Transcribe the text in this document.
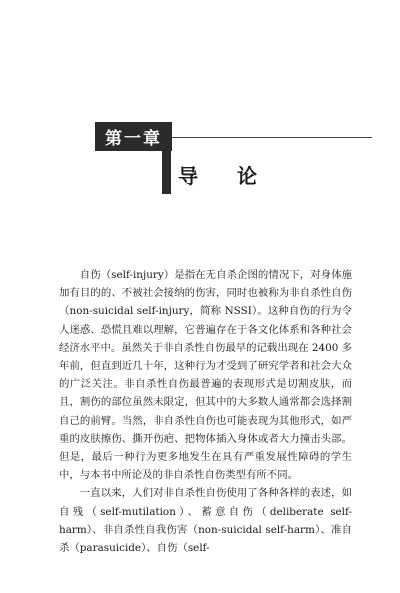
第一章
导 论

自伤（self-injury）是指在无自杀企图的情况下，对身体施加有目的的、不被社会接纳的伤害，同时也被称为非自杀性自伤（non-suicidal self-injury，简称 NSSI）。这种自伤的行为令人迷惑、恐慌且难以理解，它普遍存在于各文化体系和各种社会经济水平中。虽然关于非自杀性自伤最早的记载出现在 2400 多年前，但直到近几十年，这种行为才受到了研究学者和社会大众的广泛关注。非自杀性自伤最普遍的表现形式是切割皮肤，而且，割伤的部位虽然未限定，但其中的大多数人通常都会选择割自己的前臂。当然，非自杀性自伤也可能表现为其他形式，如严重的皮肤擦伤、撕开伤疤、把物体插入身体或者大力撞击头部。但是，最后一种行为更多地发生在具有严重发展性障碍的学生中，与本书中所论及的非自杀性自伤类型有所不同。

一直以来，人们对非自杀性自伤使用了各种各样的表述，如自残（self-mutilation）、蓄意自伤（deliberate self-harm）、非自杀性自我伤害（non-suicidal self-harm）、准自杀（parasuicide）、自伤（self-
